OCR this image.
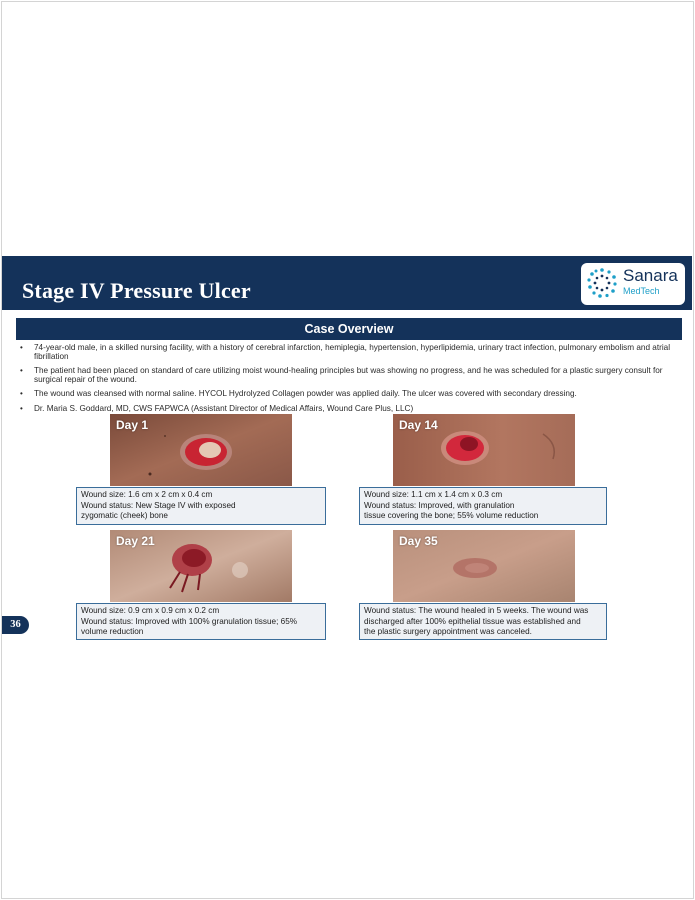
Stage IV Pressure Ulcer
Sanara
MedTech
Case Overview
• 74-year-old male, in a skilled nursing facility, with a history of cerebral infarction, hemiplegia, hypertension, hyperlipidemia, urinary tract infection, pulmonary embolism and atrial fibrillation
• The patient had been placed on standard of care utilizing moist wound-healing principles but was showing no progress, and he was scheduled for a plastic surgery consult for surgical repair of the wound.
• The wound was cleansed with normal saline. HYCOL Hydrolyzed Collagen powder was applied daily. The ulcer was covered with secondary dressing.
• Dr. Maria S. Goddard, MD, CWS FAPWCA (Assistant Director of Medical Affairs, Wound Care Plus, LLC)
Day 1
Wound size: 1.6 cm x 2 cm x 0.4 cm
Wound status: New Stage IV with exposed
zygomatic (cheek) bone
Day 14
Wound size: 1.1 cm x 1.4 cm x 0.3 cm
Wound status: Improved, with granulation
tissue covering the bone; 55% volume reduction
Day 21
Wound size: 0.9 cm x 0.9 cm x 0.2 cm
Wound status: Improved with 100% granulation tissue; 65%
volume reduction
Day 35
Wound status: The wound healed in 5 weeks. The wound was
discharged after 100% epithelial tissue was established and
the plastic surgery appointment was canceled.
36
